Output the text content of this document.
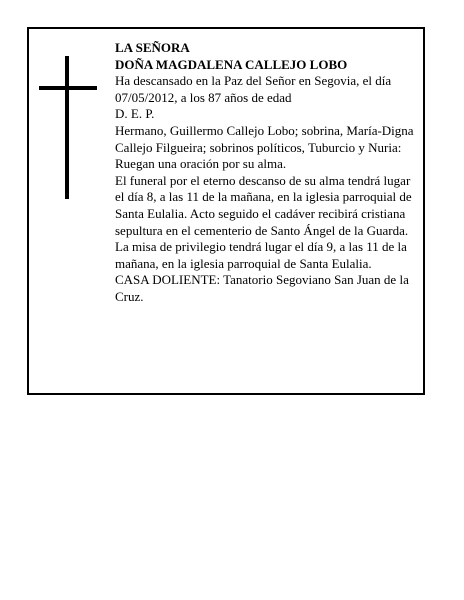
LA SEÑORA

DOÑA MAGDALENA CALLEJO LOBO

Ha descansado en la Paz del Señor en Segovia, el día 07/05/2012, a los 87 años de edad

D. E. P.

Hermano, Guillermo Callejo Lobo; sobrina, María-Digna Callejo Filgueira; sobrinos políticos, Tuburcio y Nuria:

Ruegan una oración por su alma.

El funeral por el eterno descanso de su alma tendrá lugar el día 8, a las 11 de la mañana, en la iglesia parroquial de Santa Eulalia. Acto seguido el cadáver recibirá cristiana sepultura en el cementerio de Santo Ángel de la Guarda. La misa de privilegio tendrá lugar el día 9, a las 11 de la mañana, en la iglesia parroquial de Santa Eulalia.

CASA DOLIENTE: Tanatorio Segoviano San Juan de la Cruz.
